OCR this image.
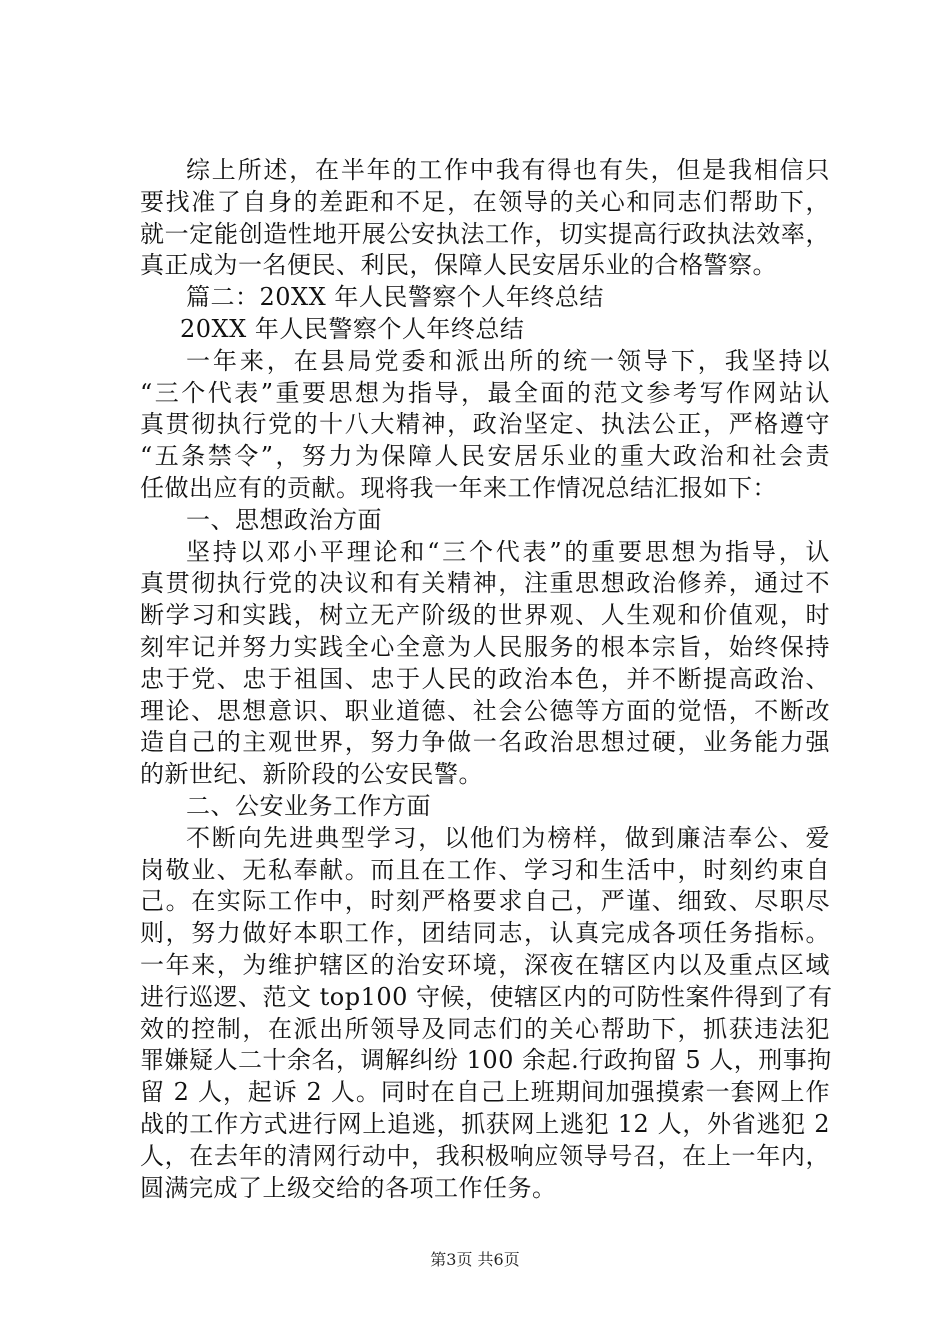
综上所述，在半年的工作中我有得也有失，但是我相信只
要找准了自身的差距和不足，在领导的关心和同志们帮助下，
就一定能创造性地开展公安执法工作，切实提高行政执法效率，
真正成为一名便民、利民，保障人民安居乐业的合格警察。
篇二：20XX 年人民警察个人年终总结
20XX 年人民警察个人年终总结
一年来，在县局党委和派出所的统一领导下，我坚持以
“三个代表”重要思想为指导，最全面的范文参考写作网站认
真贯彻执行党的十八大精神，政治坚定、执法公正，严格遵守
“五条禁令”，努力为保障人民安居乐业的重大政治和社会责
任做出应有的贡献。现将我一年来工作情况总结汇报如下：
一、思想政治方面
坚持以邓小平理论和“三个代表”的重要思想为指导，认
真贯彻执行党的决议和有关精神，注重思想政治修养，通过不
断学习和实践，树立无产阶级的世界观、人生观和价值观，时
刻牢记并努力实践全心全意为人民服务的根本宗旨，始终保持
忠于党、忠于祖国、忠于人民的政治本色，并不断提高政治、
理论、思想意识、职业道德、社会公德等方面的觉悟，不断改
造自己的主观世界，努力争做一名政治思想过硬，业务能力强
的新世纪、新阶段的公安民警。
二、公安业务工作方面
不断向先进典型学习，以他们为榜样，做到廉洁奉公、爱
岗敬业、无私奉献。而且在工作、学习和生活中，时刻约束自
己。在实际工作中，时刻严格要求自己，严谨、细致、尽职尽
则，努力做好本职工作，团结同志，认真完成各项任务指标。
一年来，为维护辖区的治安环境，深夜在辖区内以及重点区域
进行巡逻、范文 top100 守候，使辖区内的可防性案件得到了有
效的控制，在派出所领导及同志们的关心帮助下，抓获违法犯
罪嫌疑人二十余名，调解纠纷 100 余起.行政拘留 5 人，刑事拘
留 2 人，起诉 2 人。同时在自己上班期间加强摸索一套网上作
战的工作方式进行网上追逃，抓获网上逃犯 12 人，外省逃犯 2
人，在去年的清网行动中，我积极响应领导号召，在上一年内，
圆满完成了上级交给的各项工作任务。
第3页 共6页
